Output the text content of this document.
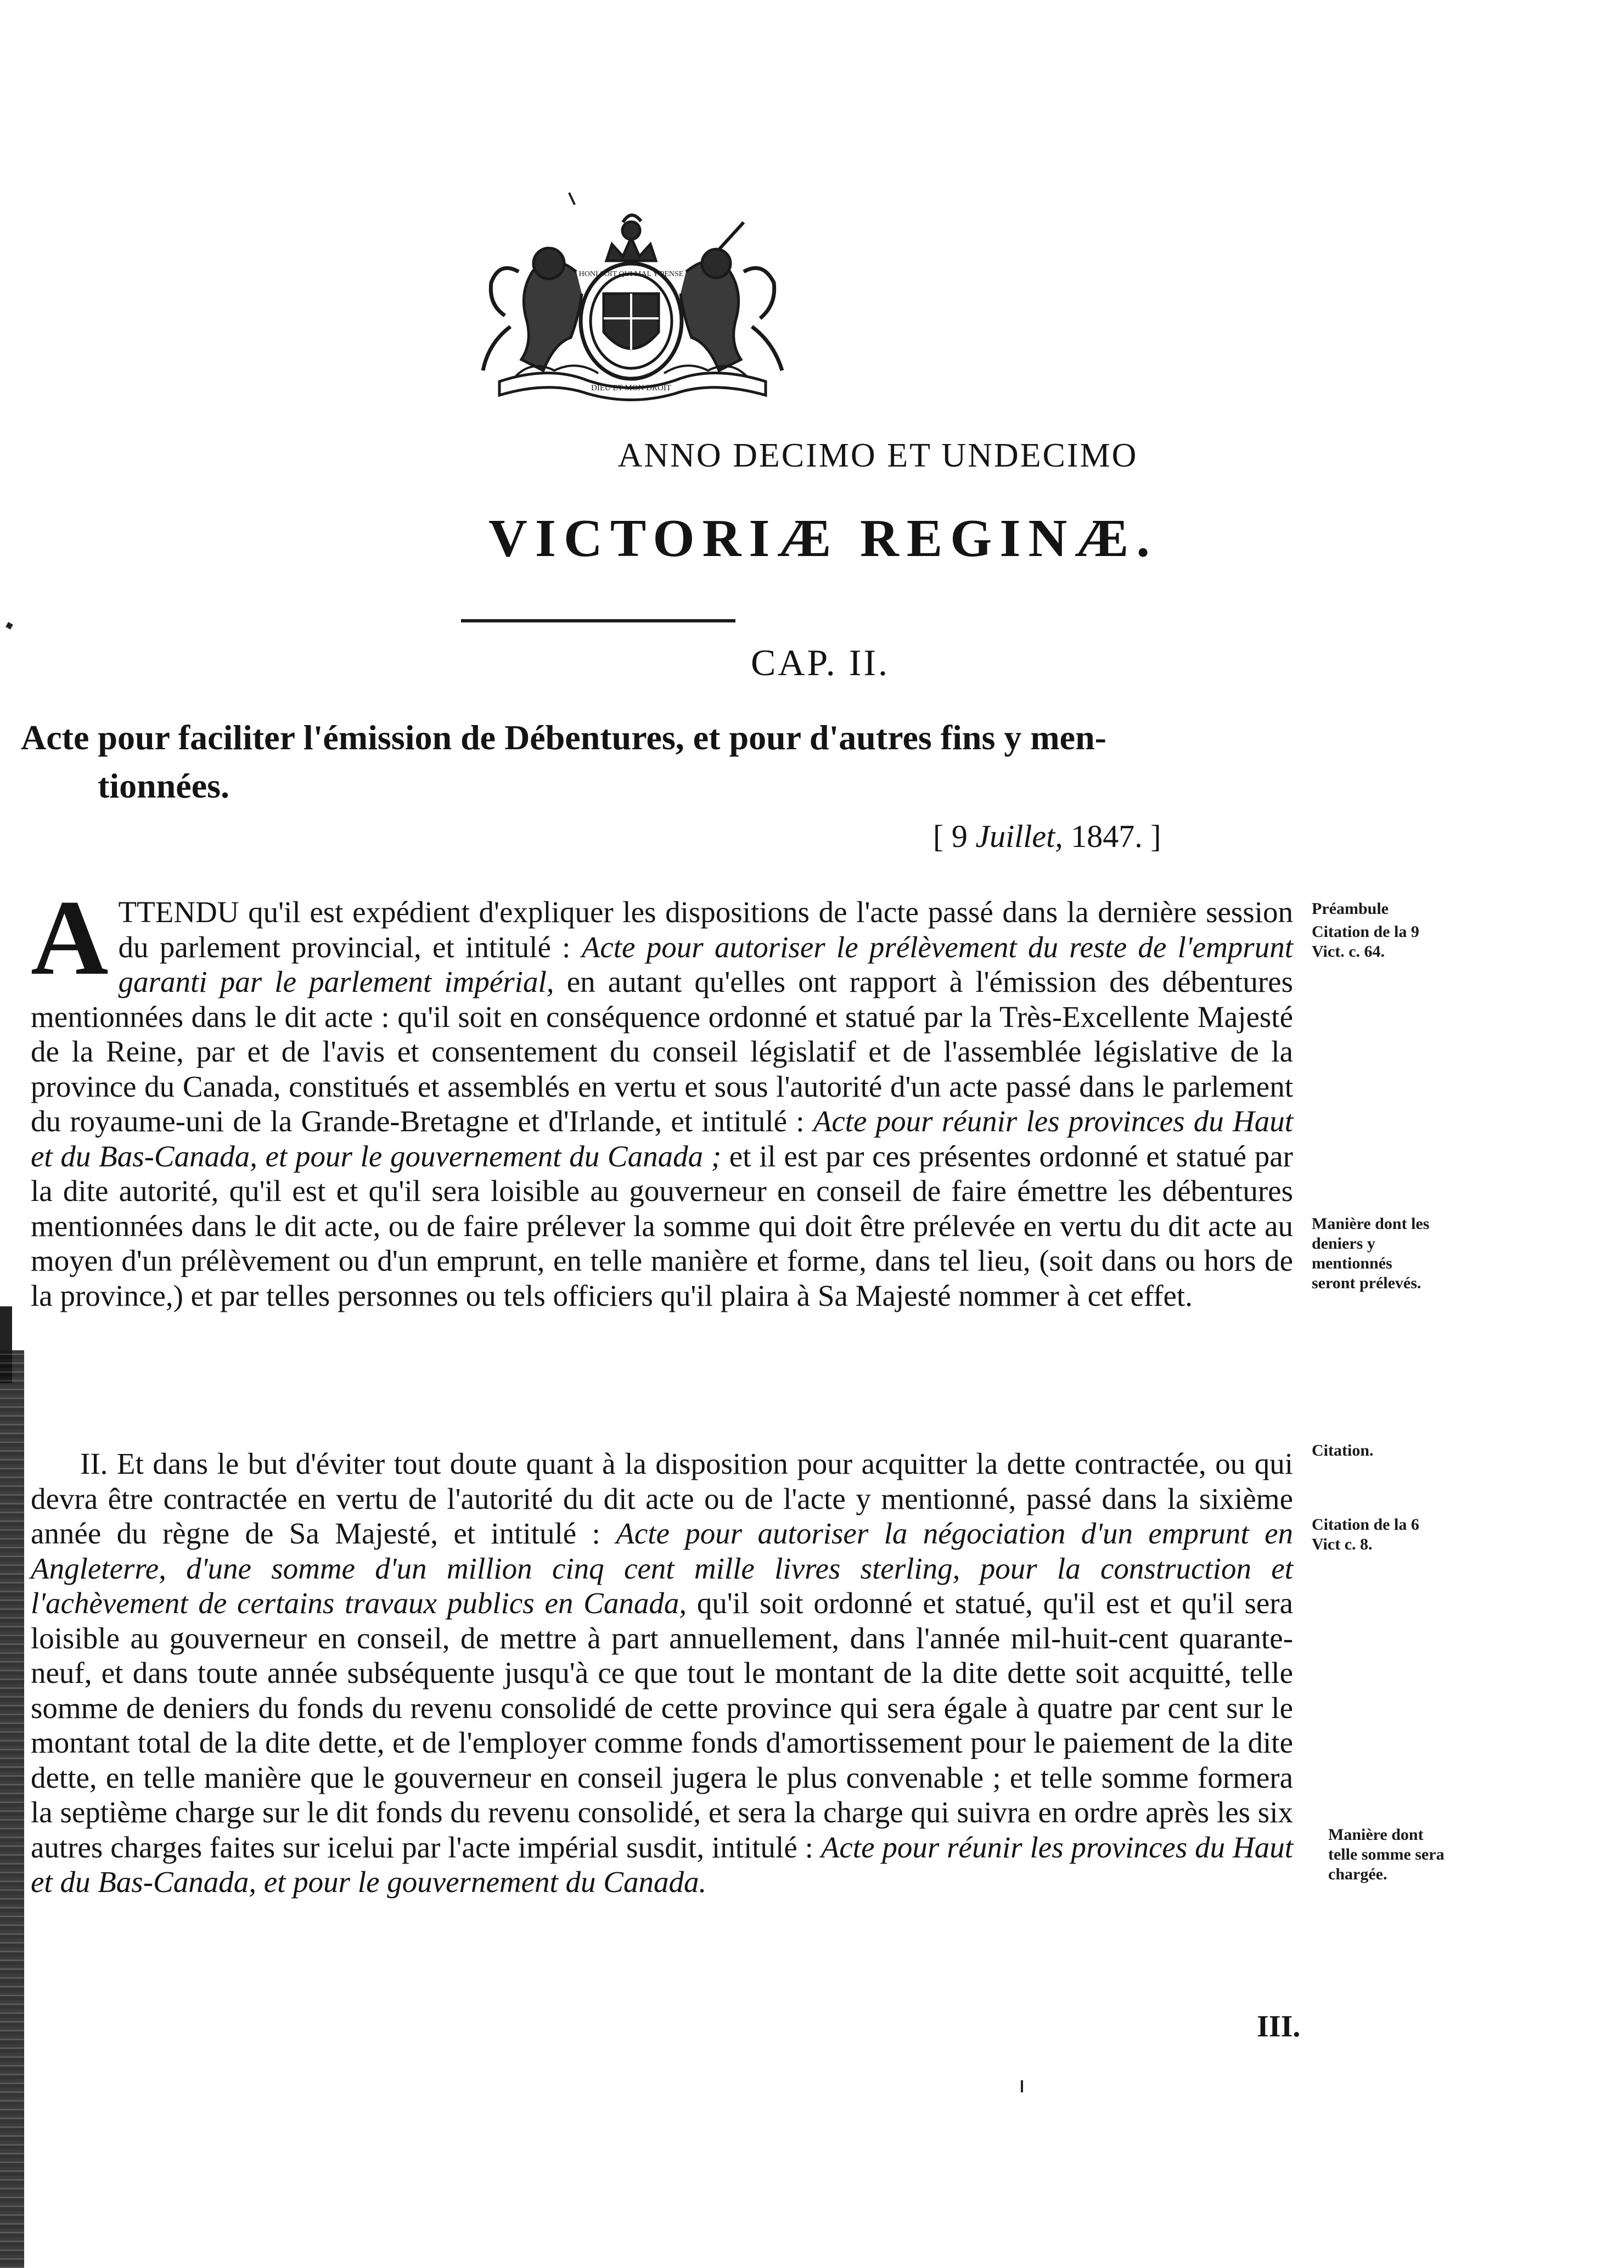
HONI SOIT QUI MAL Y PENSE
DIEU ET MON DROIT
ANNO DECIMO ET UNDECIMO
VICTORIÆ REGINÆ.
CAP. II.
Acte pour faciliter l'émission de Débentures, et pour d'autres fins y men-
tionnées.
[ 9 Juillet, 1847. ]
ATTENDU qu'il est expédient d'expliquer les dispositions de l'acte passé dans la dernière session du parlement provincial, et intitulé : Acte pour autoriser le prélèvement du reste de l'emprunt garanti par le parlement impérial, en autant qu'elles ont rapport à l'émission des débentures mentionnées dans le dit acte : qu'il soit en conséquence ordonné et statué par la Très-Excellente Majesté de la Reine, par et de l'avis et consentement du conseil législatif et de l'assemblée législative de la province du Canada, constitués et assemblés en vertu et sous l'autorité d'un acte passé dans le parlement du royaume-uni de la Grande-Bretagne et d'Irlande, et intitulé : Acte pour réunir les provinces du Haut et du Bas-Canada, et pour le gouvernement du Canada ; et il est par ces présentes ordonné et statué par la dite autorité, qu'il est et qu'il sera loisible au gouverneur en conseil de faire émettre les débentures mentionnées dans le dit acte, ou de faire prélever la somme qui doit être prélevée en vertu du dit acte au moyen d'un prélèvement ou d'un emprunt, en telle manière et forme, dans tel lieu, (soit dans ou hors de la province,) et par telles personnes ou tels officiers qu'il plaira à Sa Majesté nommer à cet effet.
II. Et dans le but d'éviter tout doute quant à la disposition pour acquitter la dette contractée, ou qui devra être contractée en vertu de l'autorité du dit acte ou de l'acte y mentionné, passé dans la sixième année du règne de Sa Majesté, et intitulé : Acte pour autoriser la négociation d'un emprunt en Angleterre, d'une somme d'un million cinq cent mille livres sterling, pour la construction et l'achèvement de certains travaux publics en Canada, qu'il soit ordonné et statué, qu'il est et qu'il sera loisible au gouverneur en conseil, de mettre à part annuellement, dans l'année mil-huit-cent quarante-neuf, et dans toute année subséquente jusqu'à ce que tout le montant de la dite dette soit acquitté, telle somme de deniers du fonds du revenu consolidé de cette province qui sera égale à quatre par cent sur le montant total de la dite dette, et de l'employer comme fonds d'amortissement pour le paiement de la dite dette, en telle manière que le gouverneur en conseil jugera le plus convenable ; et telle somme formera la septième charge sur le dit fonds du revenu consolidé, et sera la charge qui suivra en ordre après les six autres charges faites sur icelui par l'acte impérial susdit, intitulé : Acte pour réunir les provinces du Haut et du Bas-Canada, et pour le gouvernement du Canada.
Préambule
Citation de la 9 Vict. c. 64.
Manière dont les deniers y mentionnés seront prélevés.
Citation.
Citation de la 6 Vict c. 8.
Manière dont telle somme sera chargée.
III.
